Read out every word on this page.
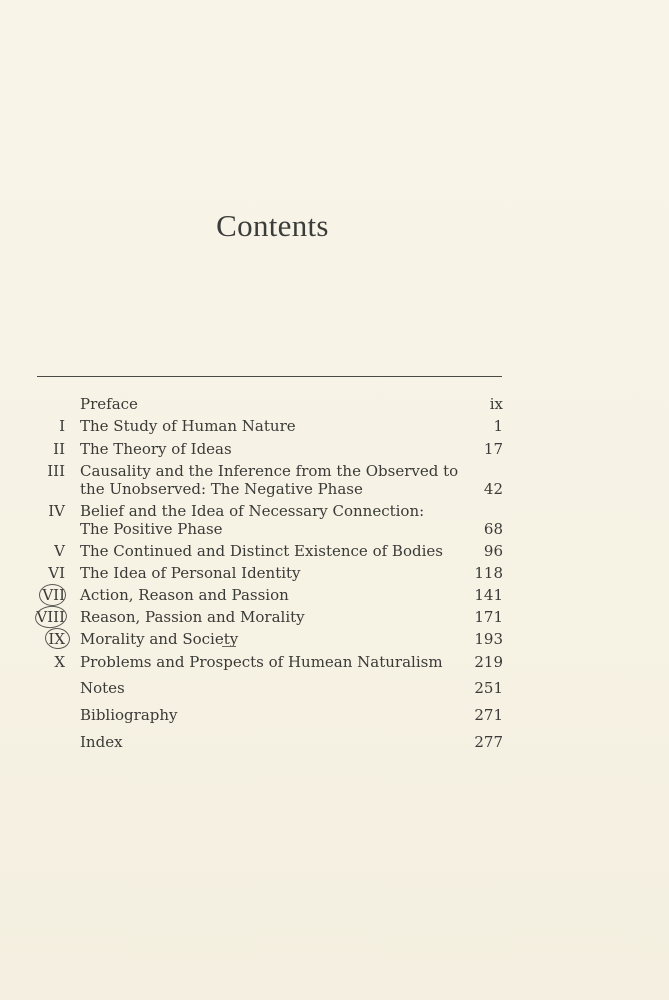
Contents
Preface	ix
I The Study of Human Nature	1
II The Theory of Ideas	17
III Causality and the Inference from the Observed to
the Unobserved: The Negative Phase	42
IV Belief and the Idea of Necessary Connection:
The Positive Phase	68
V The Continued and Distinct Existence of Bodies	96
VI The Idea of Personal Identity	118
VII Action, Reason and Passion	141
VIII Reason, Passion and Morality	171
IX Morality and Society	193
X Problems and Prospects of Humean Naturalism 219
Notes	251
Bibliography	271
Index	277
